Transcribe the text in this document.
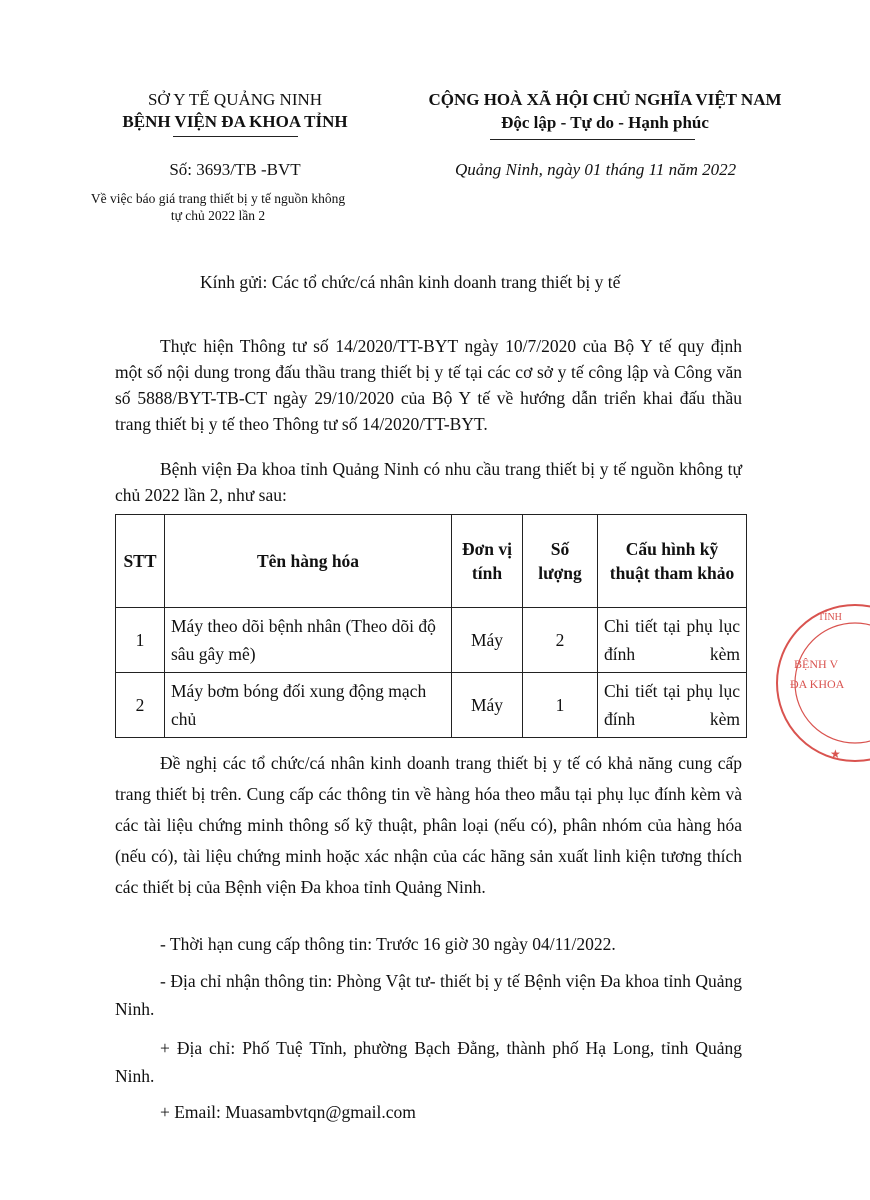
SỞ Y TẾ QUẢNG NINH
BỆNH VIỆN ĐA KHOA TỈNH
CỘNG HOÀ XÃ HỘI CHỦ NGHĨA VIỆT NAM
Độc lập - Tự do - Hạnh phúc
Số: 3693/TB -BVT
Về việc báo giá trang thiết bị y tế nguồn không
tự chủ 2022 lần 2
Quảng Ninh, ngày 01 tháng 11 năm 2022
Kính gửi: Các tổ chức/cá nhân kinh doanh trang thiết bị y tế
Thực hiện Thông tư số 14/2020/TT-BYT ngày 10/7/2020 của Bộ Y tế quy định một số nội dung trong đấu thầu trang thiết bị y tế tại các cơ sở y tế công lập và Công văn số 5888/BYT-TB-CT ngày 29/10/2020 của Bộ Y tế về hướng dẫn triển khai đấu thầu trang thiết bị y tế theo Thông tư số 14/2020/TT-BYT.
Bệnh viện Đa khoa tỉnh Quảng Ninh có nhu cầu trang thiết bị y tế nguồn không tự chủ 2022 lần 2, như sau:
STT	Tên hàng hóa	Đơn vị tính	Số lượng	Cấu hình kỹ thuật tham khảo
1	Máy theo dõi bệnh nhân (Theo dõi độ sâu gây mê)	Máy	2	Chi tiết tại phụ lục đính kèm
2	Máy bơm bóng đối xung động mạch chủ	Máy	1	Chi tiết tại phụ lục đính kèm
Đề nghị các tổ chức/cá nhân kinh doanh trang thiết bị y tế có khả năng cung cấp trang thiết bị trên. Cung cấp các thông tin về hàng hóa theo mẫu tại phụ lục đính kèm và các tài liệu chứng minh thông số kỹ thuật, phân loại (nếu có), phân nhóm của hàng hóa (nếu có), tài liệu chứng minh hoặc xác nhận của các hãng sản xuất linh kiện tương thích các thiết bị của Bệnh viện Đa khoa tỉnh Quảng Ninh.
- Thời hạn cung cấp thông tin: Trước 16 giờ 30 ngày 04/11/2022.
- Địa chỉ nhận thông tin: Phòng Vật tư- thiết bị y tế Bệnh viện Đa khoa tỉnh Quảng Ninh.
+ Địa chỉ: Phố Tuệ Tĩnh, phường Bạch Đằng, thành phố Hạ Long, tỉnh Quảng Ninh.
+ Email: Muasambvtqn@gmail.com
TỈNH
BỆNH V
ĐA KHOA
★
